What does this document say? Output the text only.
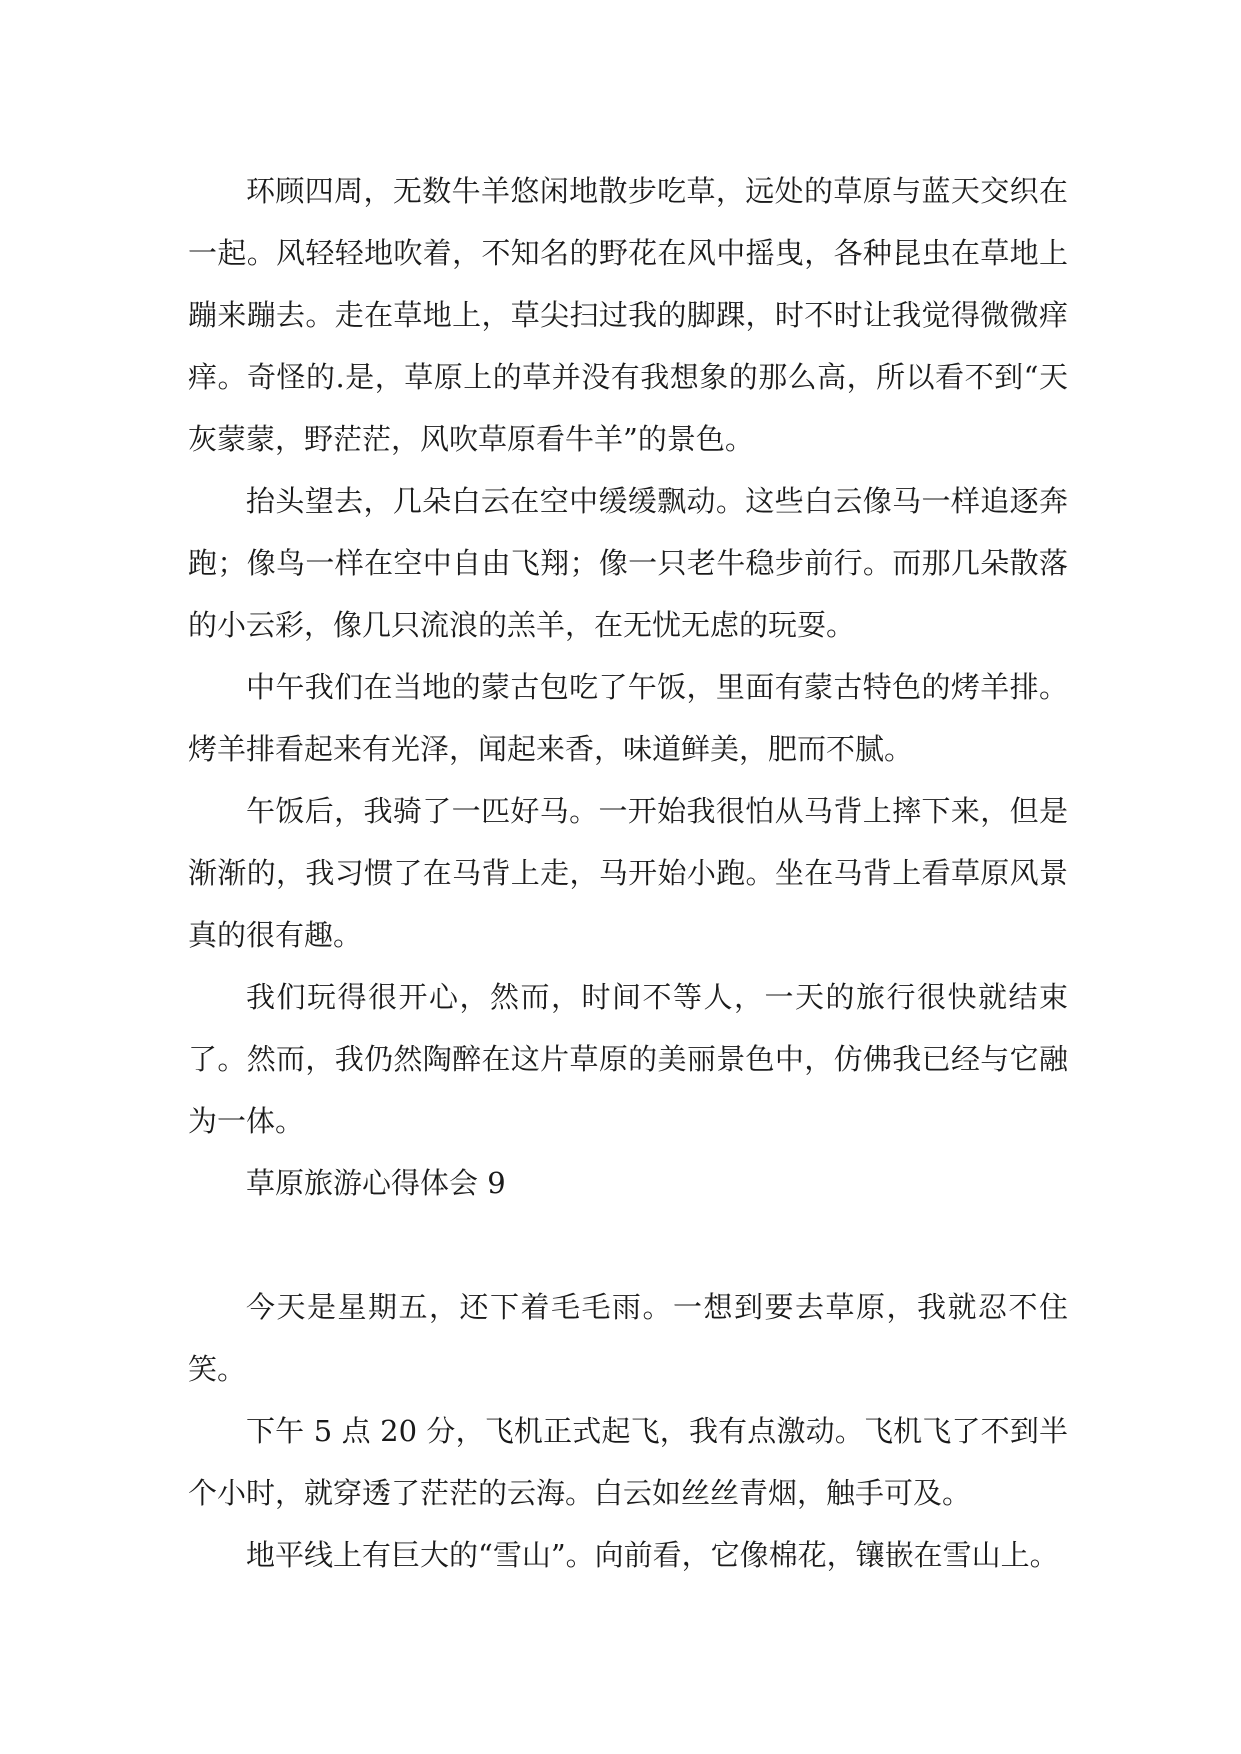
环顾四周，无数牛羊悠闲地散步吃草，远处的草原与蓝天交织在一起。风轻轻地吹着，不知名的野花在风中摇曳，各种昆虫在草地上蹦来蹦去。走在草地上，草尖扫过我的脚踝，时不时让我觉得微微痒痒。奇怪的.是，草原上的草并没有我想象的那么高，所以看不到“天灰蒙蒙，野茫茫，风吹草原看牛羊”的景色。

抬头望去，几朵白云在空中缓缓飘动。这些白云像马一样追逐奔跑；像鸟一样在空中自由飞翔；像一只老牛稳步前行。而那几朵散落的小云彩，像几只流浪的羔羊，在无忧无虑的玩耍。

中午我们在当地的蒙古包吃了午饭，里面有蒙古特色的烤羊排。烤羊排看起来有光泽，闻起来香，味道鲜美，肥而不腻。

午饭后，我骑了一匹好马。一开始我很怕从马背上摔下来，但是渐渐的，我习惯了在马背上走，马开始小跑。坐在马背上看草原风景真的很有趣。

我们玩得很开心，然而，时间不等人，一天的旅行很快就结束了。然而，我仍然陶醉在这片草原的美丽景色中，仿佛我已经与它融为一体。

草原旅游心得体会 9

今天是星期五，还下着毛毛雨。一想到要去草原，我就忍不住笑。

下午 5 点 20 分，飞机正式起飞，我有点激动。飞机飞了不到半个小时，就穿透了茫茫的云海。白云如丝丝青烟，触手可及。

地平线上有巨大的“雪山”。向前看，它像棉花，镶嵌在雪山上。
